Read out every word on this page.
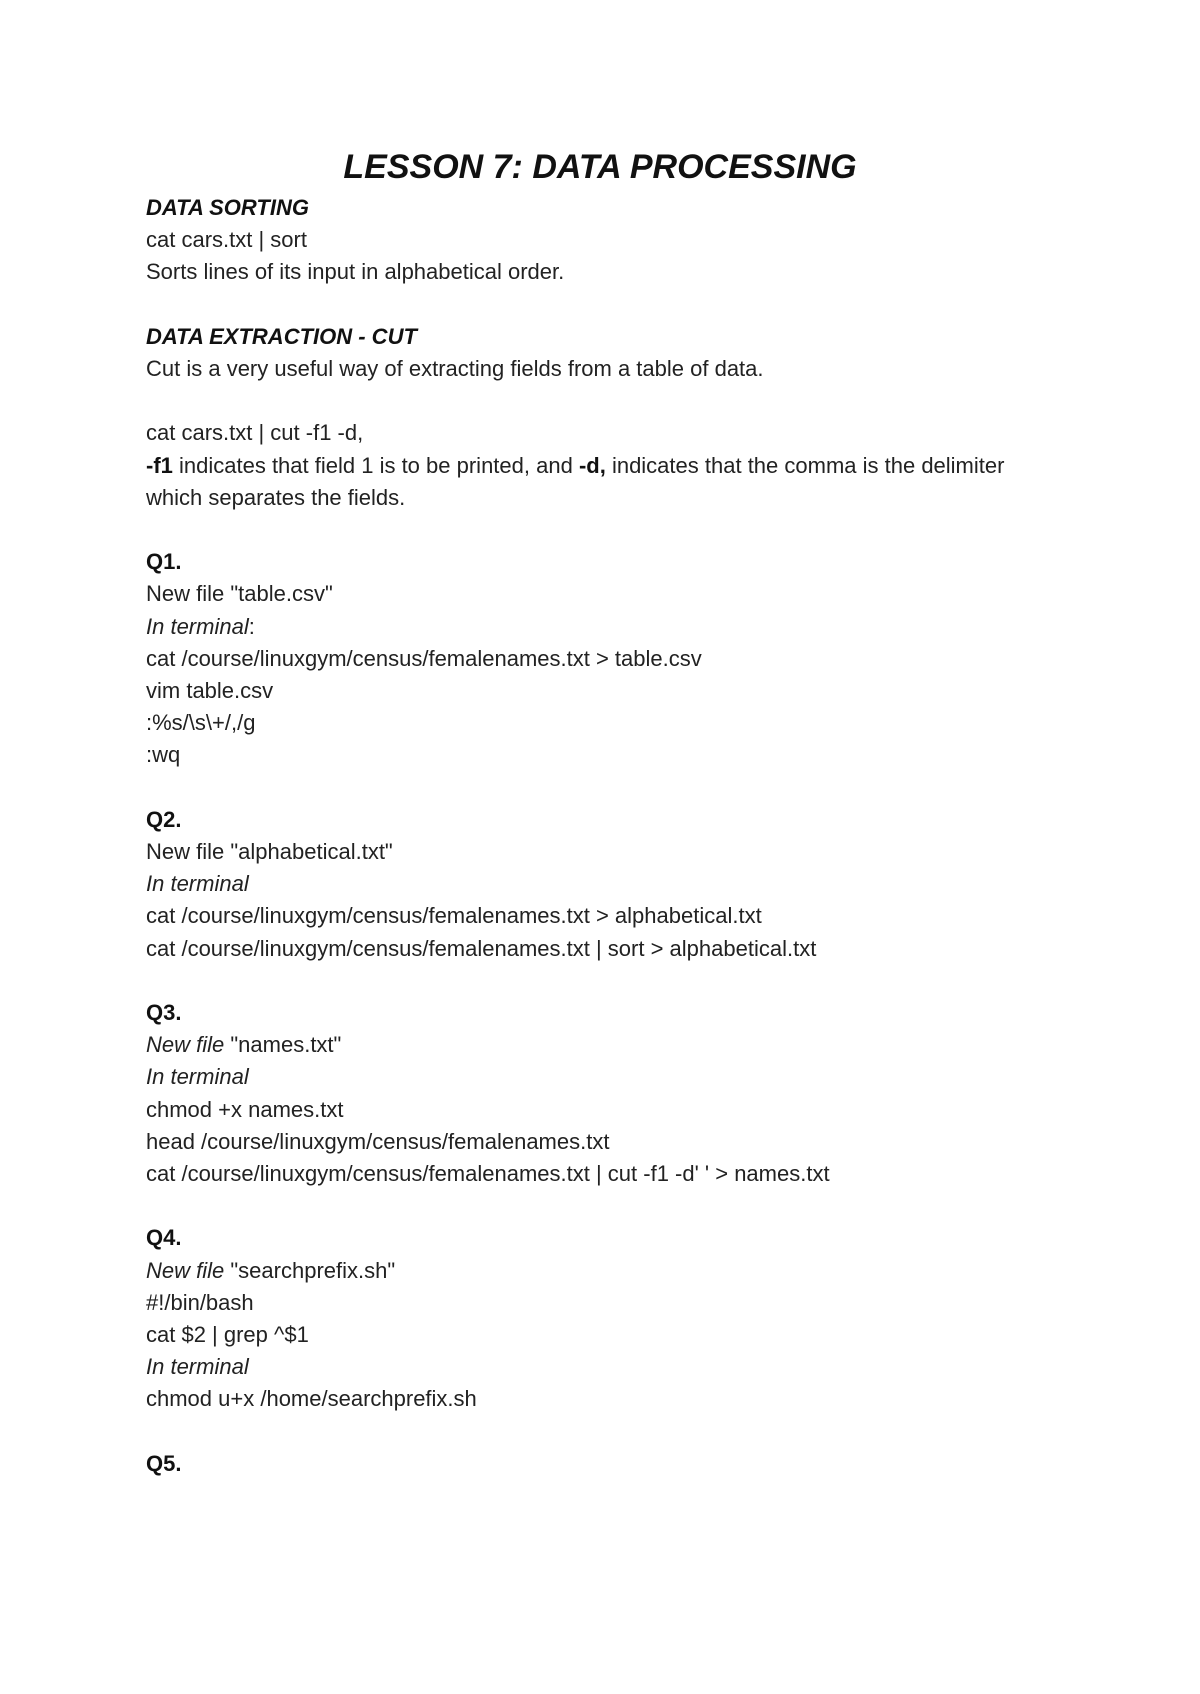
LESSON 7: DATA PROCESSING
DATA SORTING
cat cars.txt | sort
Sorts lines of its input in alphabetical order.
DATA EXTRACTION - CUT
Cut is a very useful way of extracting fields from a table of data.
cat cars.txt | cut -f1 -d,
-f1 indicates that field 1 is to be printed, and -d, indicates that the comma is the delimiter which separates the fields.
Q1.
New file "table.csv"
In terminal:
cat /course/linuxgym/census/femalenames.txt > table.csv
vim table.csv
:%s/\s\+/,/g
:wq
Q2.
New file "alphabetical.txt"
In terminal
cat /course/linuxgym/census/femalenames.txt > alphabetical.txt
cat /course/linuxgym/census/femalenames.txt | sort > alphabetical.txt
Q3.
New file "names.txt"
In terminal
chmod +x names.txt
head /course/linuxgym/census/femalenames.txt
cat /course/linuxgym/census/femalenames.txt | cut -f1 -d' ' > names.txt
Q4.
New file "searchprefix.sh"
#!/bin/bash
cat $2 | grep ^$1
In terminal
chmod u+x /home/searchprefix.sh
Q5.
